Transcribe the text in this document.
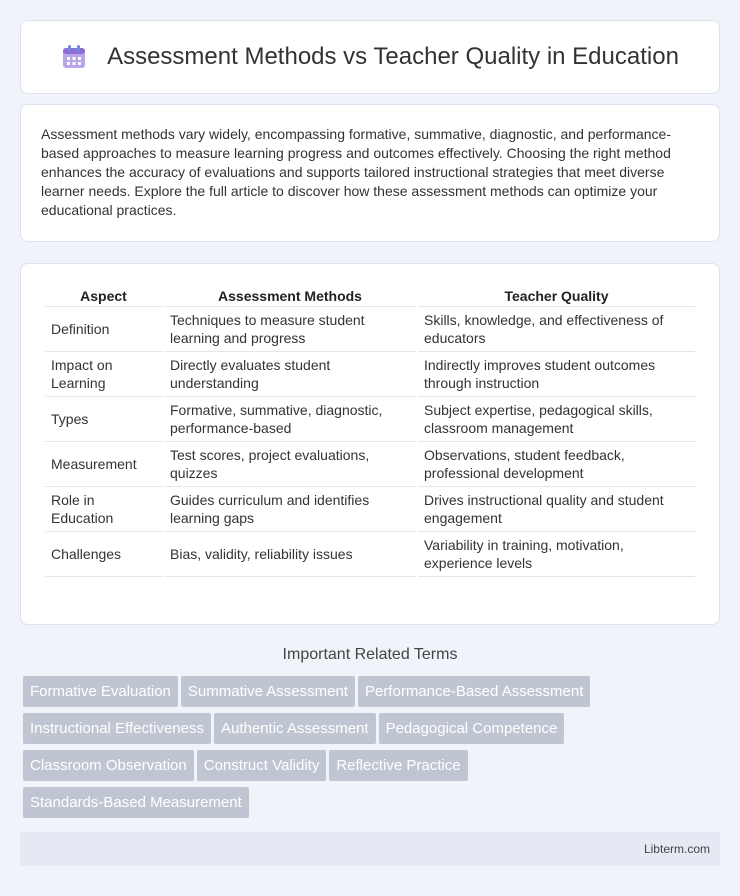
Assessment Methods vs Teacher Quality in Education

Assessment methods vary widely, encompassing formative, summative, diagnostic, and performance-based approaches to measure learning progress and outcomes effectively. Choosing the right method enhances the accuracy of evaluations and supports tailored instructional strategies that meet diverse learner needs. Explore the full article to discover how these assessment methods can optimize your educational practices.

Aspect	Assessment Methods	Teacher Quality
Definition	Techniques to measure student learning and progress	Skills, knowledge, and effectiveness of educators
Impact on Learning	Directly evaluates student understanding	Indirectly improves student outcomes through instruction
Types	Formative, summative, diagnostic, performance-based	Subject expertise, pedagogical skills, classroom management
Measurement	Test scores, project evaluations, quizzes	Observations, student feedback, professional development
Role in Education	Guides curriculum and identifies learning gaps	Drives instructional quality and student engagement
Challenges	Bias, validity, reliability issues	Variability in training, motivation, experience levels
Important Related Terms
Formative Evaluation Summative Assessment Performance-Based Assessment
Instructional Effectiveness Authentic Assessment Pedagogical Competence
Classroom Observation Construct Validity Reflective Practice
Standards-Based Measurement
Libterm.com
